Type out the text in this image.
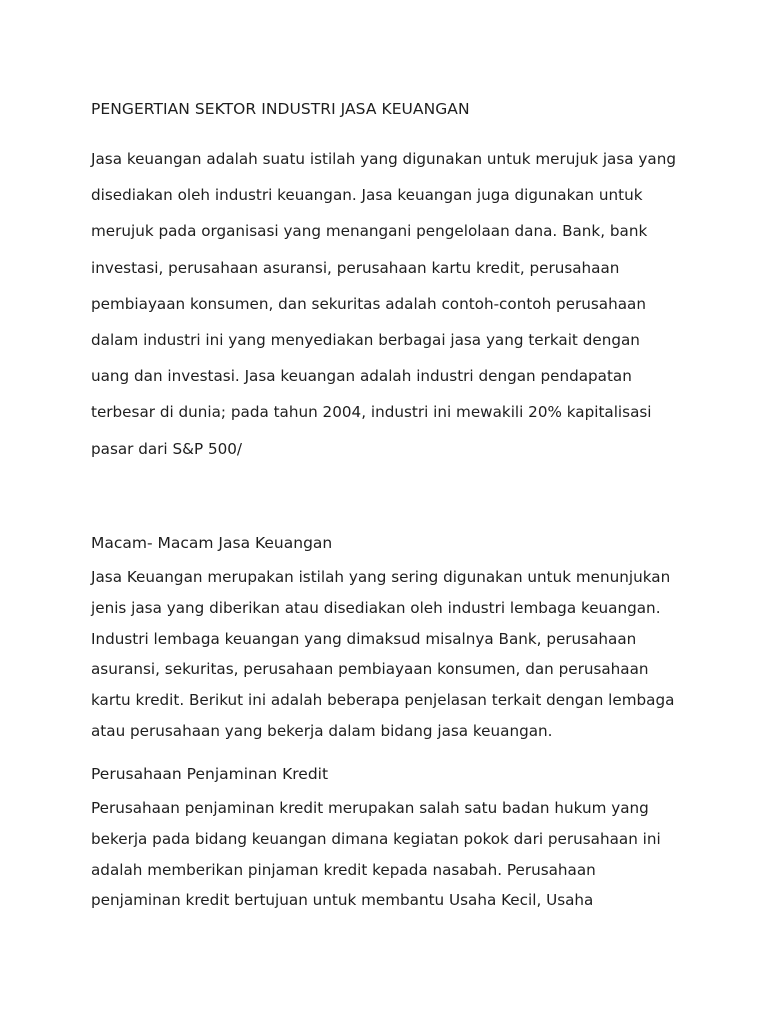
PENGERTIAN SEKTOR INDUSTRI JASA KEUANGAN
Jasa keuangan adalah suatu istilah yang digunakan untuk merujuk jasa yang
disediakan oleh industri keuangan. Jasa keuangan juga digunakan untuk
merujuk pada organisasi yang menangani pengelolaan dana. Bank, bank
investasi, perusahaan asuransi, perusahaan kartu kredit, perusahaan
pembiayaan konsumen, dan sekuritas adalah contoh-contoh perusahaan
dalam industri ini yang menyediakan berbagai jasa yang terkait dengan
uang dan investasi. Jasa keuangan adalah industri dengan pendapatan
terbesar di dunia; pada tahun 2004, industri ini mewakili 20% kapitalisasi
pasar dari S&P 500/
Macam- Macam Jasa Keuangan
Jasa Keuangan merupakan istilah yang sering digunakan untuk menunjukan
jenis jasa yang diberikan atau disediakan oleh industri lembaga keuangan.
Industri lembaga keuangan yang dimaksud misalnya Bank, perusahaan
asuransi, sekuritas, perusahaan pembiayaan konsumen, dan perusahaan
kartu kredit. Berikut ini adalah beberapa penjelasan terkait dengan lembaga
atau perusahaan yang bekerja dalam bidang jasa keuangan.
Perusahaan Penjaminan Kredit
Perusahaan penjaminan kredit merupakan salah satu badan hukum yang
bekerja pada bidang keuangan dimana kegiatan pokok dari perusahaan ini
adalah memberikan pinjaman kredit kepada nasabah. Perusahaan
penjaminan kredit bertujuan untuk membantu Usaha Kecil, Usaha
